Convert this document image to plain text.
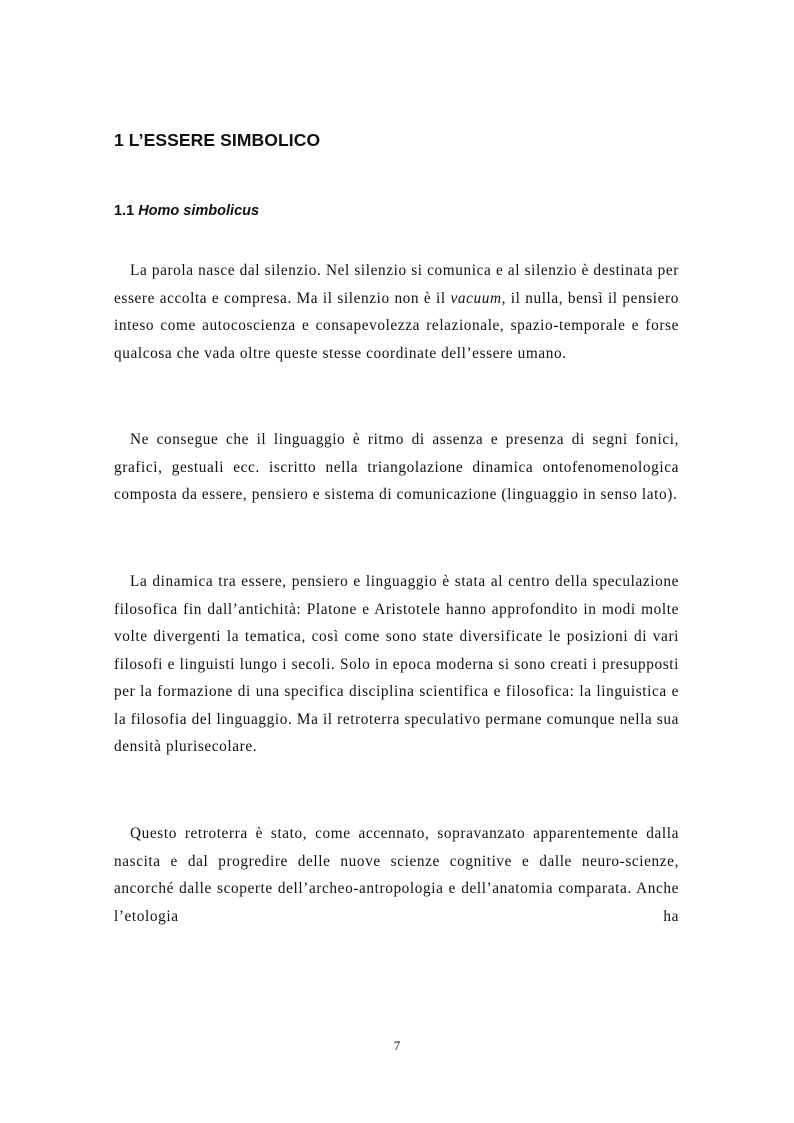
1 L’ESSERE SIMBOLICO
1.1 Homo simbolicus

La parola nasce dal silenzio. Nel silenzio si comunica e al silenzio è destinata per essere accolta e compresa. Ma il silenzio non è il vacuum, il nulla, bensì il pensiero inteso come autocoscienza e consapevolezza relazionale, spazio-temporale e forse qualcosa che vada oltre queste stesse coordinate dell’essere umano.

Ne consegue che il linguaggio è ritmo di assenza e presenza di segni fonici, grafici, gestuali ecc. iscritto nella triangolazione dinamica ontofenomenologica composta da essere, pensiero e sistema di comunicazione (linguaggio in senso lato).

La dinamica tra essere, pensiero e linguaggio è stata al centro della speculazione filosofica fin dall’antichità: Platone e Aristotele hanno approfondito in modi molte volte divergenti la tematica, così come sono state diversificate le posizioni di vari filosofi e linguisti lungo i secoli. Solo in epoca moderna si sono creati i presupposti per la formazione di una specifica disciplina scientifica e filosofica: la linguistica e la filosofia del linguaggio. Ma il retroterra speculativo permane comunque nella sua densità plurisecolare.

Questo retroterra è stato, come accennato, sopravanzato apparentemente dalla nascita e dal progredire delle nuove scienze cognitive e dalle neuro-scienze, ancorché dalle scoperte dell’archeo-antropologia e dell’anatomia comparata. Anche l’etologia ha

7
